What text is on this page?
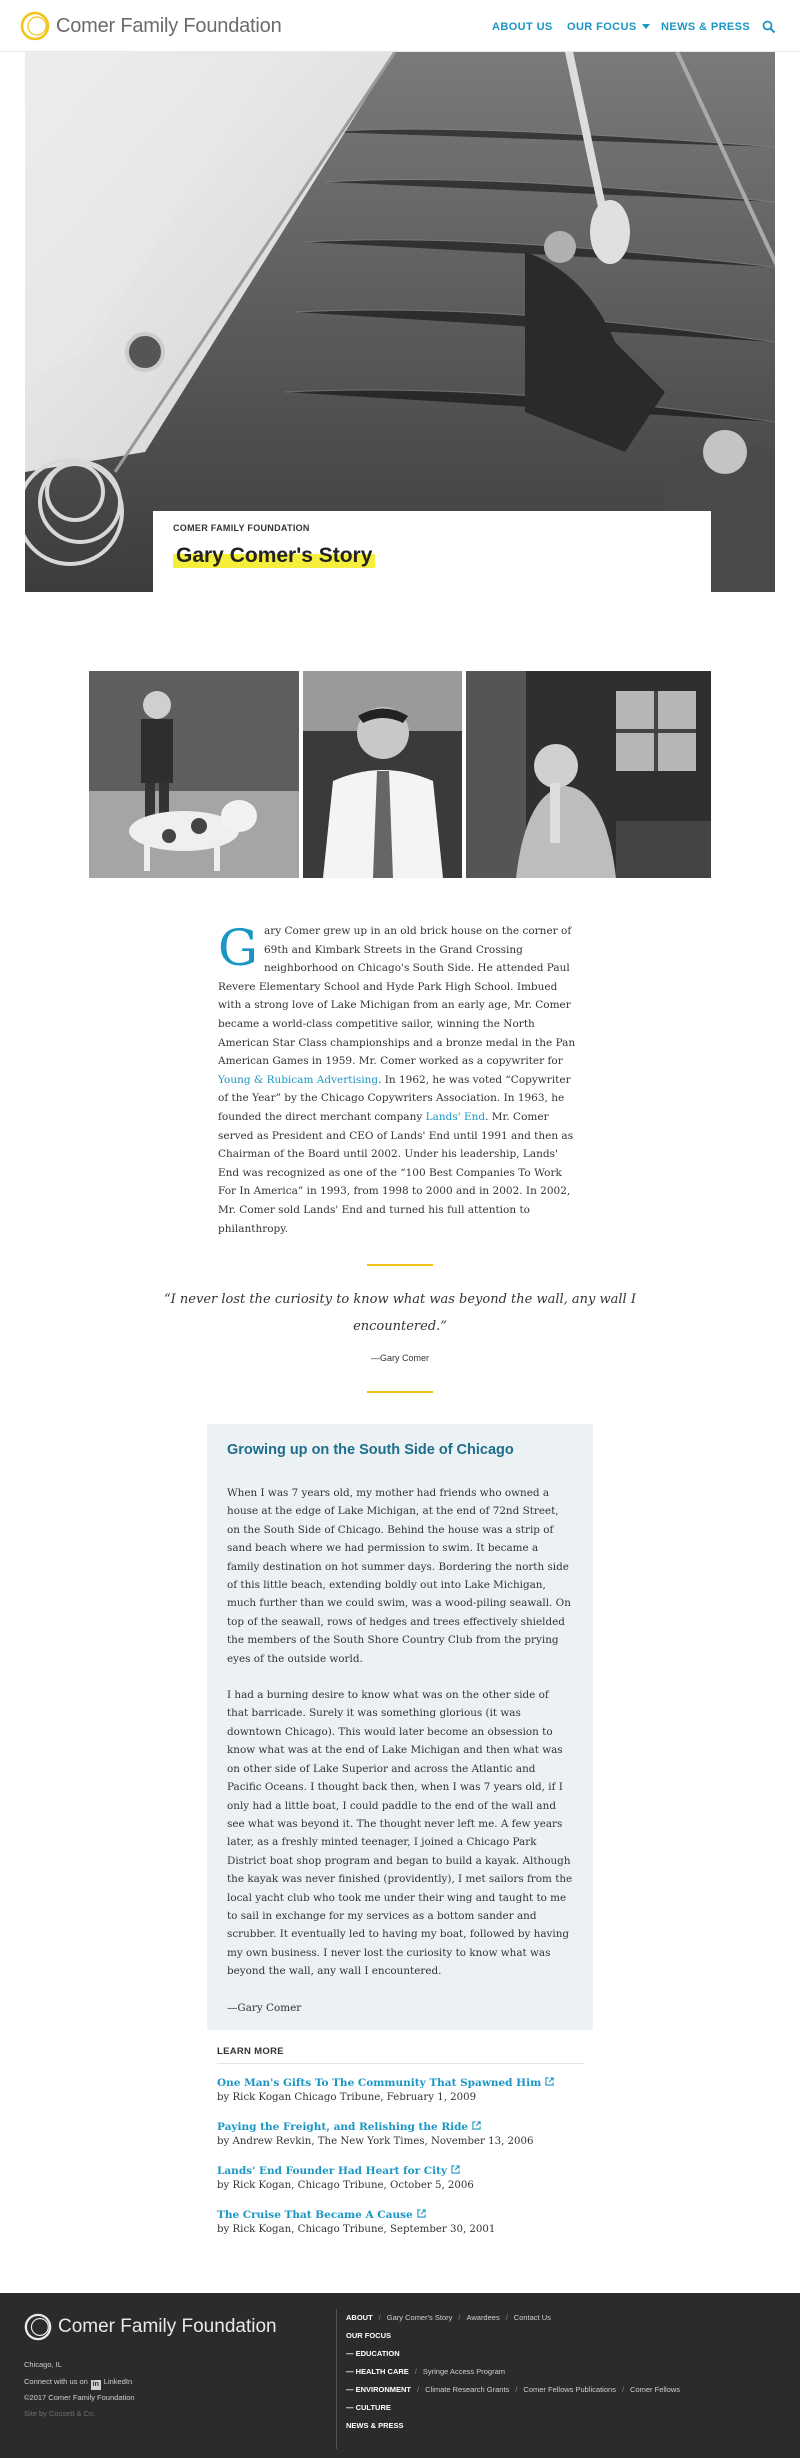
Comer Family Foundation	ABOUT US OUR FOCUS	NEWS & PRESS
COMER FAMILY FOUNDATION
Gary Comer's Story
Gary Comer grew up in an old brick house on the corner of 69th and Kimbark Streets in the Grand Crossing neighborhood on Chicago's South Side. He attended Paul Revere Elementary School and Hyde Park High School. Imbued with a strong love of Lake Michigan from an early age, Mr. Comer became a world-class competitive sailor, winning the North American Star Class championships and a bronze medal in the Pan American Games in 1959. Mr. Comer worked as a copywriter for Young & Rubicam Advertising. In 1962, he was voted “Copywriter of the Year” by the Chicago Copywriters Association. In 1963, he founded the direct merchant company Lands' End. Mr. Comer served as President and CEO of Lands' End until 1991 and then as Chairman of the Board until 2002. Under his leadership, Lands' End was recognized as one of the “100 Best Companies To Work For In America” in 1993, from 1998 to 2000 and in 2002. In 2002, Mr. Comer sold Lands' End and turned his full attention to philanthropy.
“I never lost the curiosity to know what was beyond the wall, any wall I encountered.”
—Gary Comer
Growing up on the South Side of Chicago

When I was 7 years old, my mother had friends who owned a house at the edge of Lake Michigan, at the end of 72nd Street, on the South Side of Chicago. Behind the house was a strip of sand beach where we had permission to swim. It became a family destination on hot summer days. Bordering the north side of this little beach, extending boldly out into Lake Michigan, much further than we could swim, was a wood-piling seawall. On top of the seawall, rows of hedges and trees effectively shielded the members of the South Shore Country Club from the prying eyes of the outside world.

I had a burning desire to know what was on the other side of that barricade. Surely it was something glorious (it was downtown Chicago). This would later become an obsession to know what was at the end of Lake Michigan and then what was on other side of Lake Superior and across the Atlantic and Pacific Oceans. I thought back then, when I was 7 years old, if I only had a little boat, I could paddle to the end of the wall and see what was beyond it. The thought never left me. A few years later, as a freshly minted teenager, I joined a Chicago Park District boat shop program and began to build a kayak. Although the kayak was never finished (providently), I met sailors from the local yacht club who took me under their wing and taught to me to sail in exchange for my services as a bottom sander and scrubber. It eventually led to having my boat, followed by having my own business. I never lost the curiosity to know what was beyond the wall, any wall I encountered.

—Gary Comer

LEARN MORE
One Man's Gifts To The Community That Spawned Him
by Rick Kogan Chicago Tribune, February 1, 2009
Paying the Freight, and Relishing the Ride
by Andrew Revkin, The New York Times, November 13, 2006
Lands' End Founder Had Heart for City
by Rick Kogan, Chicago Tribune, October 5, 2006
The Cruise That Became A Cause
by Rick Kogan, Chicago Tribune, September 30, 2001
Comer Family Foundation
Chicago, IL
Connect with us on in LinkedIn
©2017 Comer Family Foundation
Site by Cossett & Co.
ABOUT / Gary Comer's Story / Awardees / Contact Us
OUR FOCUS
— EDUCATION
— HEALTH CARE / Syringe Access Program
— ENVIRONMENT / Climate Research Grants / Comer Fellows Publications / Comer Fellows
— CULTURE
NEWS & PRESS
